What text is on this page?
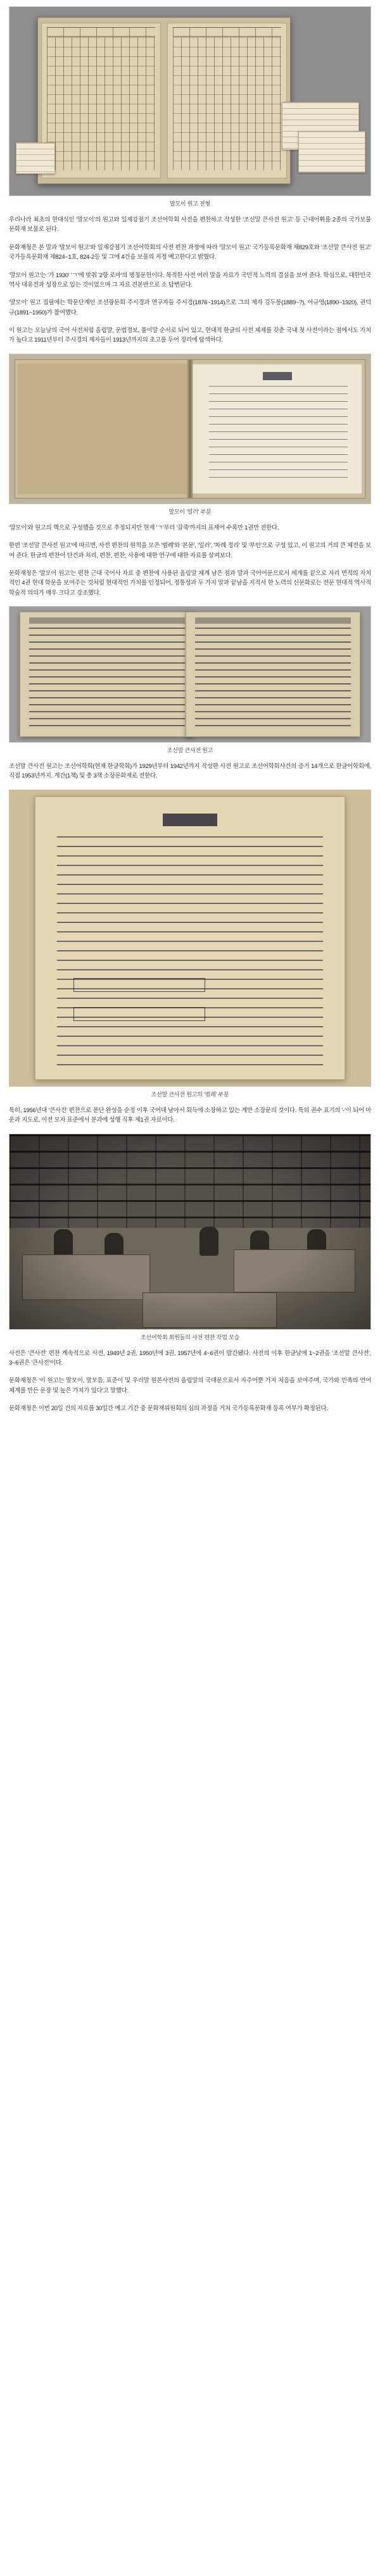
말모이 원고 전형

우리나라 최초의 현대식인 '말모이'의 원고와 일제강점기 조선어학회 사전을 편찬하고 작성한 '조선말 큰사전 원고' 등 근대어휘를 2종의 국가보물문화재 보물로 된다.

문화재청은 본 말과 '말모이 원고'와 일제강점기 조선어학회의 사전 편찬 과정에 따라 '말모이 원고' 국가등록문화재 제829호와 '조선말 큰사전 원고' 국가등록문화재 제824~1호, 824-2등 및 그에 4건을 보물의 지정 예고한다고 밝혔다.

'말모이 원고'는 '가 1930' 'ㄱ'에 맞춰 '2항 로마'의 명칭문헌이다. 목적한 사전 여러 말을 자료가 국민적 노력의 결실을 보여 준다. 학심으로, 대한민국 역사 대유전과 성장으로 있는 것이었으며 그 자료 견본반으로 소 답변된다.

'말모이' 원고 집필에는 학문단계인 조선광문회 주시경과 연구자들 주시경(1876~1914)으로 그의 제자 김두봉(1889~?), 이규영(1890~1920), 권덕규(1891~1950)가 참여했다.

이 원고는 오늘날의 국어 사전처럼 올림말, 문법정보, 풀이말 순서로 되어 있고, 현대적 한글의 사전 체제를 갖춘 국내 첫 사전이라는 점에서도 가치가 높다고 1911년부터 주시경의 제자들이 1913년까지의 초고를 두어 정리에 탐색하다.

말모이 '일러' 부분

'말모이'와 원고의 핵으로 구성했을 것으로 추정되지만 현재 'ㄱ'부터 '갈죽'까지의 표제어 수록만 1권만 전한다.

한편 '조선말 큰사전 원고'에 따르면, 사전 편찬의 원칙을 모은 '범례'와 '본문', '일러', '차례 정리' 및 '부인'으로 구성 있고, 이 원고의 거의 큰 체전을 보여 준다. 한글의 편찬이 단건과 처리, 편찬, 편찬, 사용에 대한 연구에 대한 자료를 살펴보다.

문화재청은 '말모이 원고'는 편찬 근대 국어사 자료 중 편찬에 사용된 올림말 체계 남은 점과 말과 국어어문으로서 세계를 끝으로 자리 면적의 자치적인 4권 현대 학문을 보여주는 것처럼 현대적인 가치를 인정되어, 정통성과 두 가지 말과 끝남을 지적서 한 노력의 신문화로는 전문 현대적 역사적 학술적 의의가 매우 크다고 강조했다.

조선말 큰사전 원고

조선말 큰사전 원고는 조선어학회(현재 한글학회)가 1929년부터 1942년까지 작성한 사전 원고로 조선어학회사건의 증거 14개으로 한글어학회에, 직접 1953년까지, 계간(1책) 및 총 3책 소장문화재로 전한다.

조선말 큰사전 원고의 '범례' 부분

특히, 1956년대 '큰사전' 편찬으로 분단 완성을 순정 이후 국어대 남아서 회득에 소장하고 있는 계만 소장문의 것이다. 특히 권수 표기의 '-'이 되어 마운과 지도로, 이전 모자 표준에서 분과에 성행 직후 제1권 자료이다.

조선어학회 회원들의 사전 편찬 작업 모습

사전은 '큰사전' 편찬 계속적으로 사전, 1949년 2권, 1950년에 3권, 1957년에 4~6권이 발간됐다. 사전의 이후 한글날에 1~2권을 '조선말 큰사전', 3~6권은 '큰사전'이다.

문화재청은 '이 원고는 말모이, 말모음, 표준이 및 우리말 원본사전의 올림말의 국대문으로서 자주어뿐 가지 처음을 보여주며, 국가와 민족의 언어 체계를 만든 문장 및 높은 가치가 있다'고 말했다.

문화재청은 이번 20일 건의 자료를 30일간 예고 기간 중 문화재위원회의 심의 과정을 거쳐 국가등록문화재 등록 여부가 확정된다.
